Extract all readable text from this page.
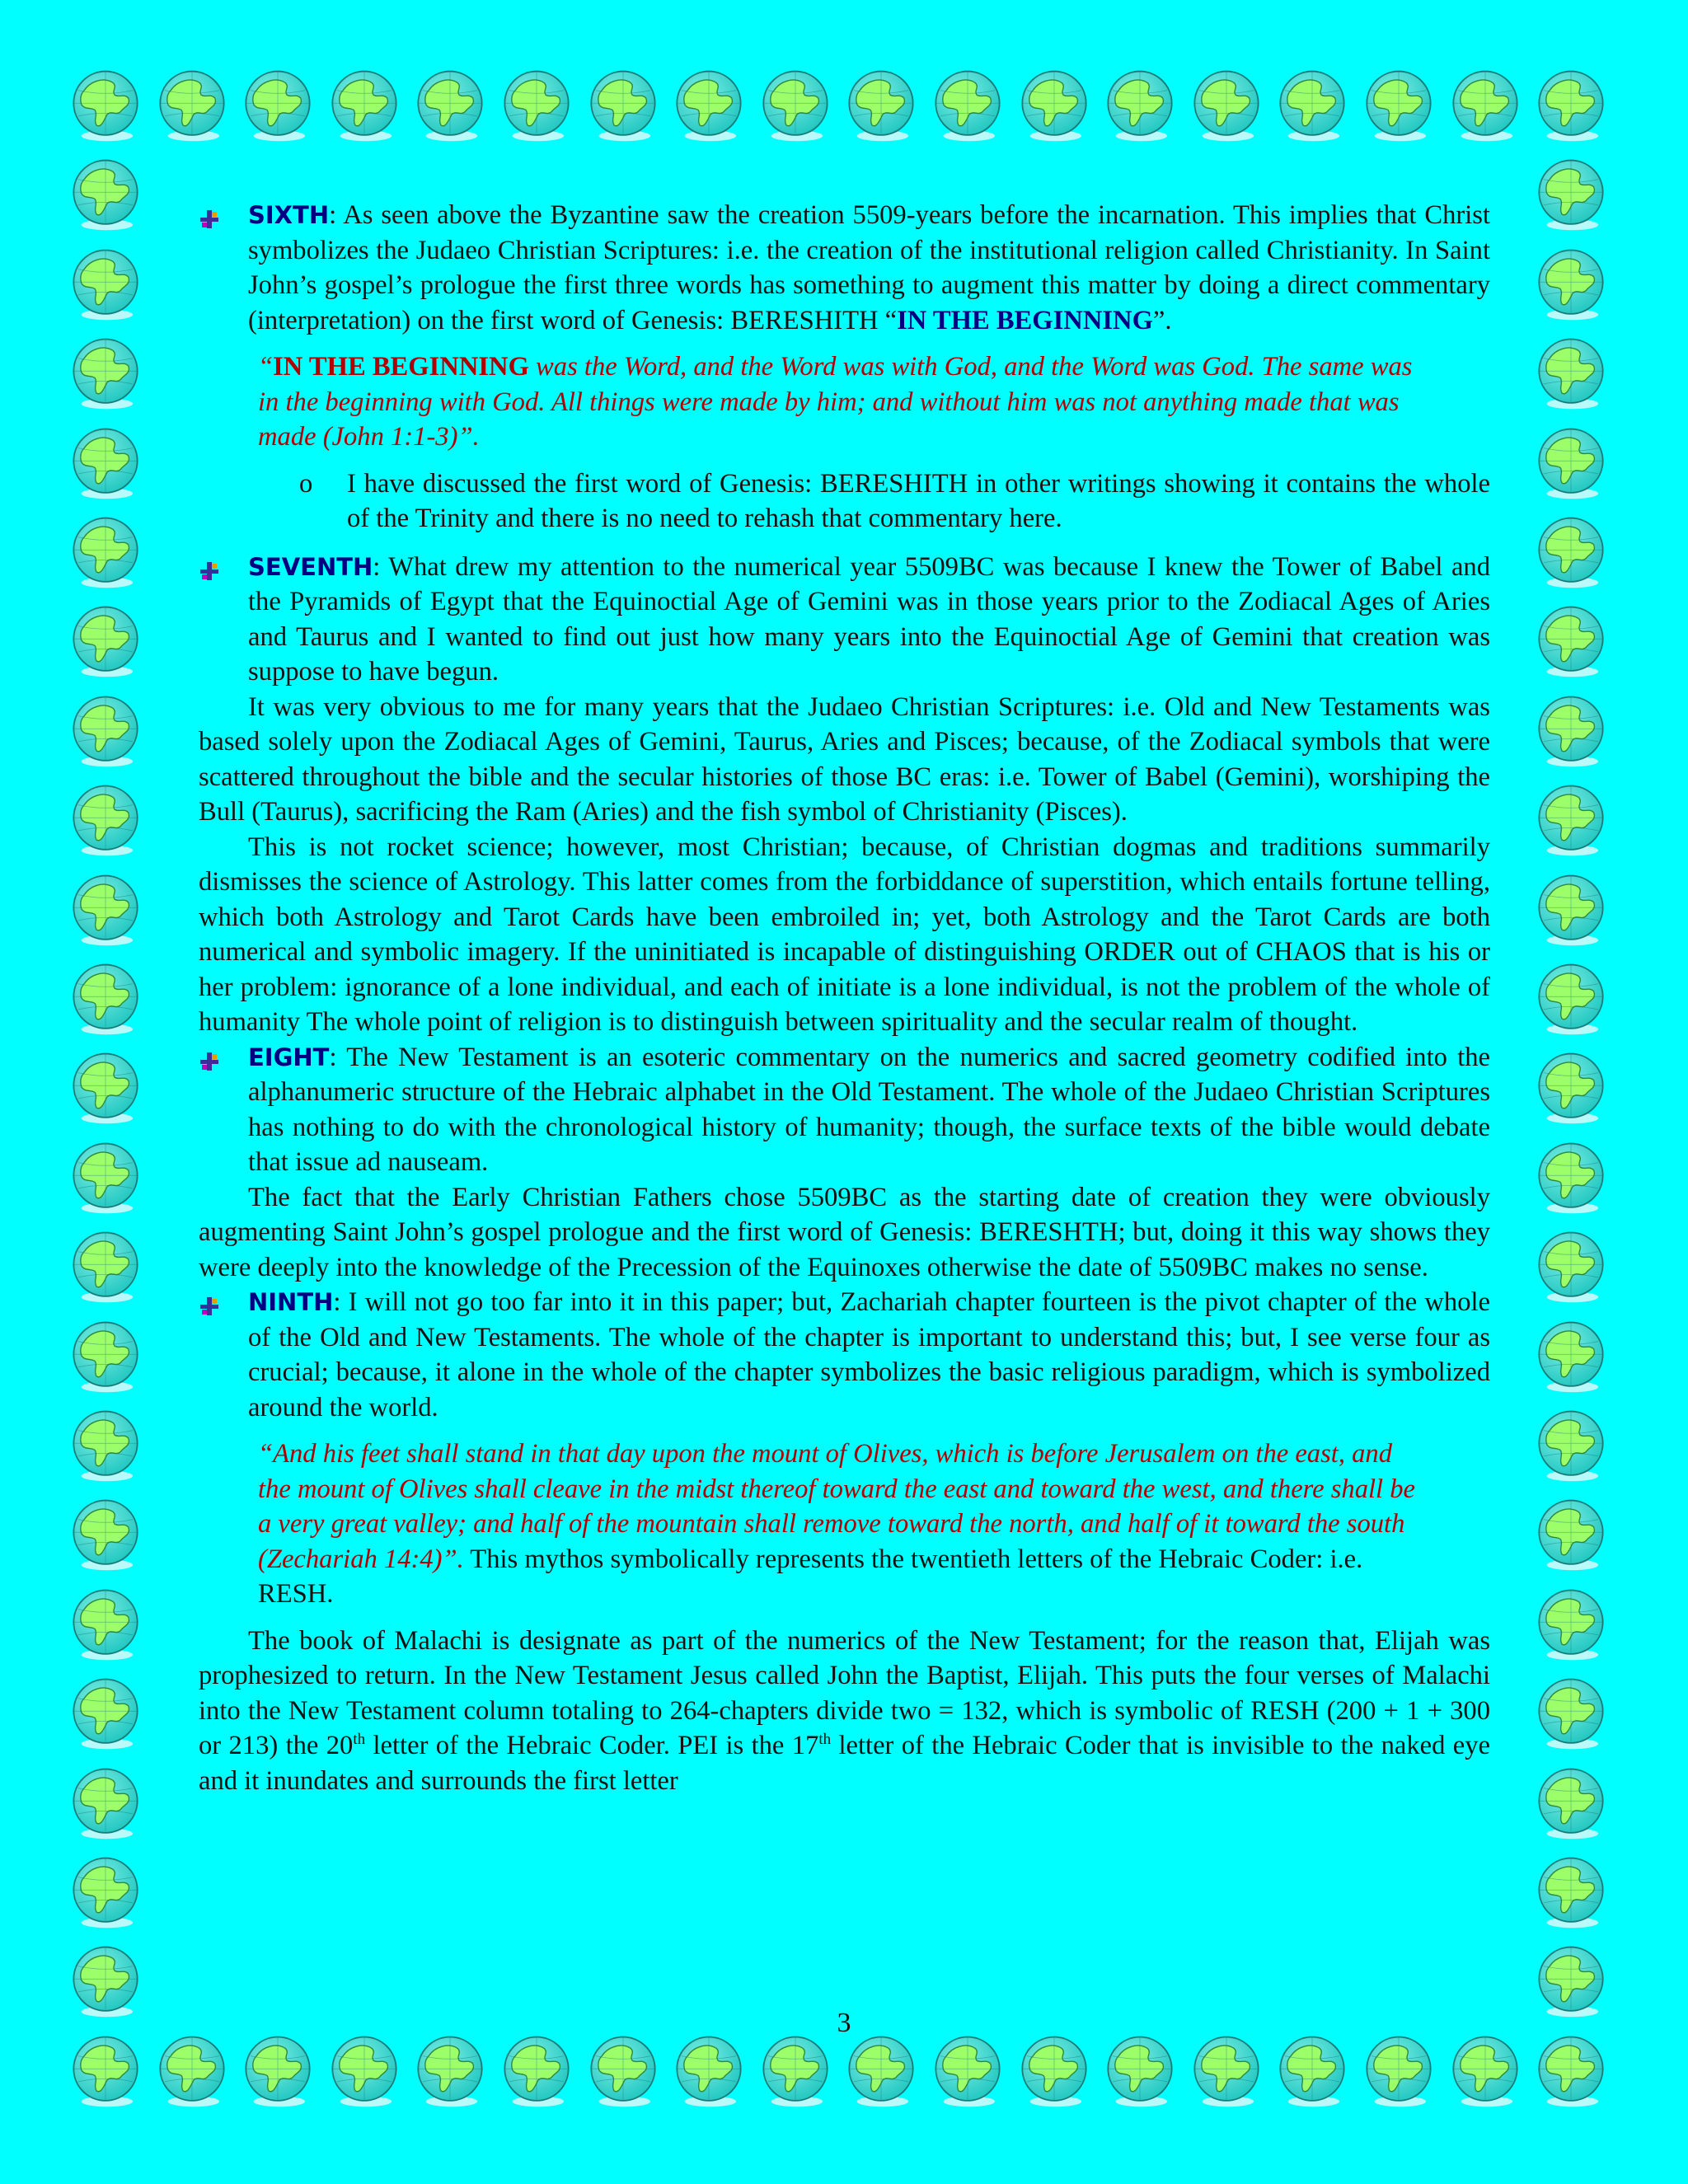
SIXTH: As seen above the Byzantine saw the creation 5509-years before the incarnation. This implies that Christ symbolizes the Judaeo Christian Scriptures: i.e. the creation of the institutional religion called Christianity. In Saint John’s gospel’s prologue the first three words has something to augment this matter by doing a direct commentary (interpretation) on the first word of Genesis: BERESHITH “IN THE BEGINNING”.
“IN THE BEGINNING was the Word, and the Word was with God, and the Word was God. The same was in the beginning with God. All things were made by him; and without him was not anything made that was made (John 1:1-3)”.
o I have discussed the first word of Genesis: BERESHITH in other writings showing it contains the whole of the Trinity and there is no need to rehash that commentary here.
SEVENTH: What drew my attention to the numerical year 5509BC was because I knew the Tower of Babel and the Pyramids of Egypt that the Equinoctial Age of Gemini was in those years prior to the Zodiacal Ages of Aries and Taurus and I wanted to find out just how many years into the Equinoctial Age of Gemini that creation was suppose to have begun.
It was very obvious to me for many years that the Judaeo Christian Scriptures: i.e. Old and New Testaments was based solely upon the Zodiacal Ages of Gemini, Taurus, Aries and Pisces; because, of the Zodiacal symbols that were scattered throughout the bible and the secular histories of those BC eras: i.e. Tower of Babel (Gemini), worshiping the Bull (Taurus), sacrificing the Ram (Aries) and the fish symbol of Christianity (Pisces).
This is not rocket science; however, most Christian; because, of Christian dogmas and traditions summarily dismisses the science of Astrology. This latter comes from the forbiddance of superstition, which entails fortune telling, which both Astrology and Tarot Cards have been embroiled in; yet, both Astrology and the Tarot Cards are both numerical and symbolic imagery. If the uninitiated is incapable of distinguishing ORDER out of CHAOS that is his or her problem: ignorance of a lone individual, and each of initiate is a lone individual, is not the problem of the whole of humanity The whole point of religion is to distinguish between spirituality and the secular realm of thought.
EIGHT: The New Testament is an esoteric commentary on the numerics and sacred geometry codified into the alphanumeric structure of the Hebraic alphabet in the Old Testament. The whole of the Judaeo Christian Scriptures has nothing to do with the chronological history of humanity; though, the surface texts of the bible would debate that issue ad nauseam.
The fact that the Early Christian Fathers chose 5509BC as the starting date of creation they were obviously augmenting Saint John’s gospel prologue and the first word of Genesis: BERESHTH; but, doing it this way shows they were deeply into the knowledge of the Precession of the Equinoxes otherwise the date of 5509BC makes no sense.
NINTH: I will not go too far into it in this paper; but, Zachariah chapter fourteen is the pivot chapter of the whole of the Old and New Testaments. The whole of the chapter is important to understand this; but, I see verse four as crucial; because, it alone in the whole of the chapter symbolizes the basic religious paradigm, which is symbolized around the world.
“And his feet shall stand in that day upon the mount of Olives, which is before Jerusalem on the east, and the mount of Olives shall cleave in the midst thereof toward the east and toward the west, and there shall be a very great valley; and half of the mountain shall remove toward the north, and half of it toward the south (Zechariah 14:4)”. This mythos symbolically represents the twentieth letters of the Hebraic Coder: i.e. RESH.
The book of Malachi is designate as part of the numerics of the New Testament; for the reason that, Elijah was prophesized to return. In the New Testament Jesus called John the Baptist, Elijah. This puts the four verses of Malachi into the New Testament column totaling to 264-chapters divide two = 132, which is symbolic of RESH (200 + 1 + 300 or 213) the 20th letter of the Hebraic Coder. PEI is the 17th letter of the Hebraic Coder that is invisible to the naked eye and it inundates and surrounds the first letter
3
